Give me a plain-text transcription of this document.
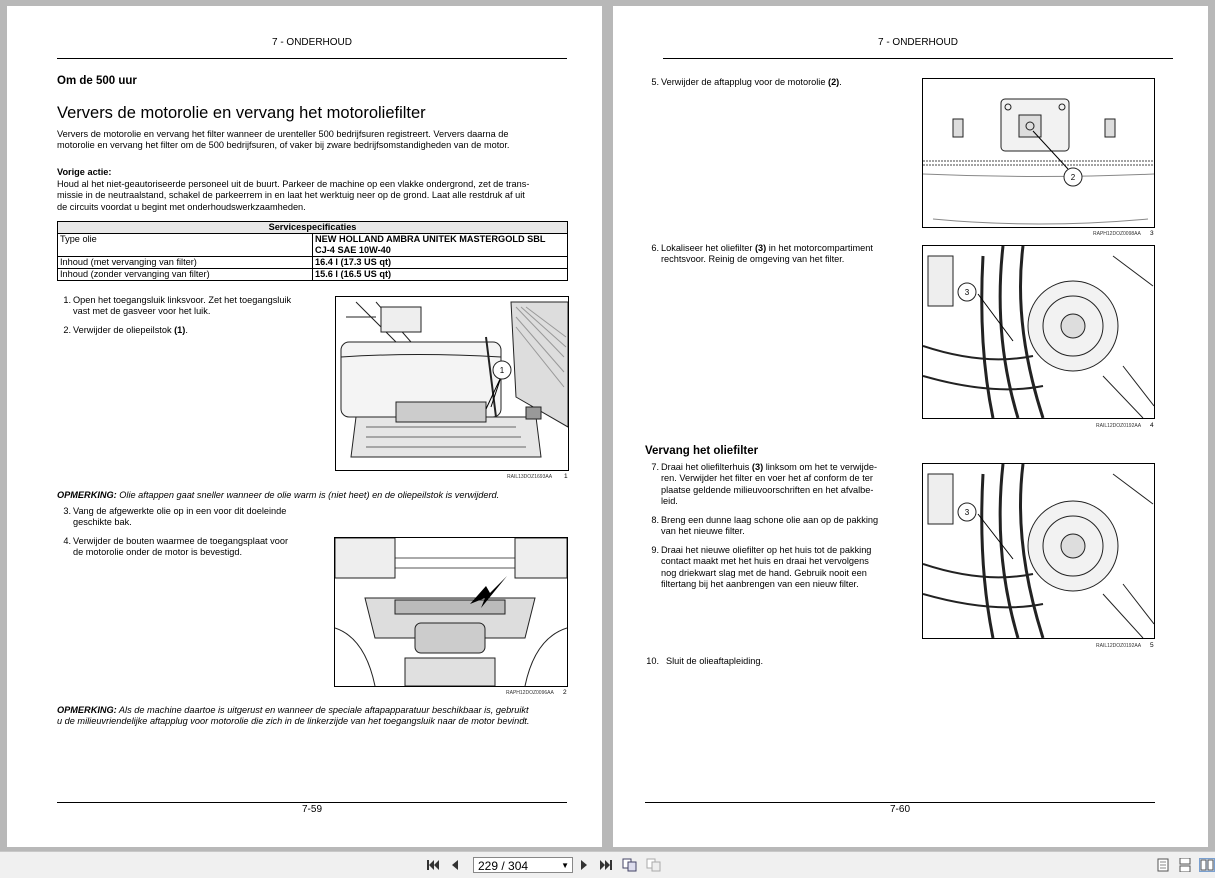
7 - ONDERHOUD
Om de 500 uur
Ververs de motorolie en vervang het motoroliefilter
Ververs de motorolie en vervang het filter wanneer de urenteller 500 bedrijfsuren registreert. Ververs daarna de
motorolie en vervang het filter om de 500 bedrijfsuren, of vaker bij zware bedrijfsomstandigheden van de motor.
Vorige actie:
Houd al het niet-geautoriseerde personeel uit de buurt. Parkeer de machine op een vlakke ondergrond, zet de trans-
missie in de neutraalstand, schakel de parkeerrem in en laat het werktuig neer op de grond. Laat alle restdruk af uit
de circuits voordat u begint met onderhoudswerkzaamheden.
Servicespecificaties	
Type olie	NEW HOLLAND AMBRA UNITEK MASTERGOLD SBL
CJ-4 SAE 10W-40

Inhoud (met vervanging van filter)	16.4 l (17.3 US qt)
Inhoud (zonder vervanging van filter)	15.6 l (16.5 US qt)
1. Open het toegangsluik linksvoor. Zet het toegangsluik
vast met de gasveer voor het luik.
2. Verwijder de oliepeilstok (1).
1
RAIL13DOZ1693AA 1
OPMERKING: Olie aftappen gaat sneller wanneer de olie warm is (niet heet) en de oliepeilstok is verwijderd.
3. Vang de afgewerkte olie op in een voor dit doeleinde
geschikte bak.
4. Verwijder de bouten waarmee de toegangsplaat voor
de motorolie onder de motor is bevestigd.
RAPH12DOZ0096AA 2
OPMERKING: Als de machine daartoe is uitgerust en wanneer de speciale aftapapparatuur beschikbaar is, gebruikt
u de milieuvriendelijke aftapplug voor motorolie die zich in de linkerzijde van het toegangsluik naar de motor bevindt.
7-59
7 - ONDERHOUD
5. Verwijder de aftapplug voor de motorolie (2).
2
RAPH12DOZ0098AA 3
6. Lokaliseer het oliefilter (3) in het motorcompartiment
rechtsvoor. Reinig de omgeving van het filter.
3
RAIL12DOZ0192AA 4
Vervang het oliefilter
7. Draai het oliefilterhuis (3) linksom om het te verwijde-
ren. Verwijder het filter en voer het af conform de ter
plaatse geldende milieuvoorschriften en het afvalbe-
leid.
8. Breng een dunne laag schone olie aan op de pakking
van het nieuwe filter.
9. Draai het nieuwe oliefilter op het huis tot de pakking
contact maakt met het huis en draai het vervolgens
nog driekwart slag met de hand. Gebruik nooit een
filtertang bij het aanbrengen van een nieuw filter.
3
RAIL12DOZ0192AA 5
10. Sluit de olieaftapleiding.
7-60
229 / 304	▼
